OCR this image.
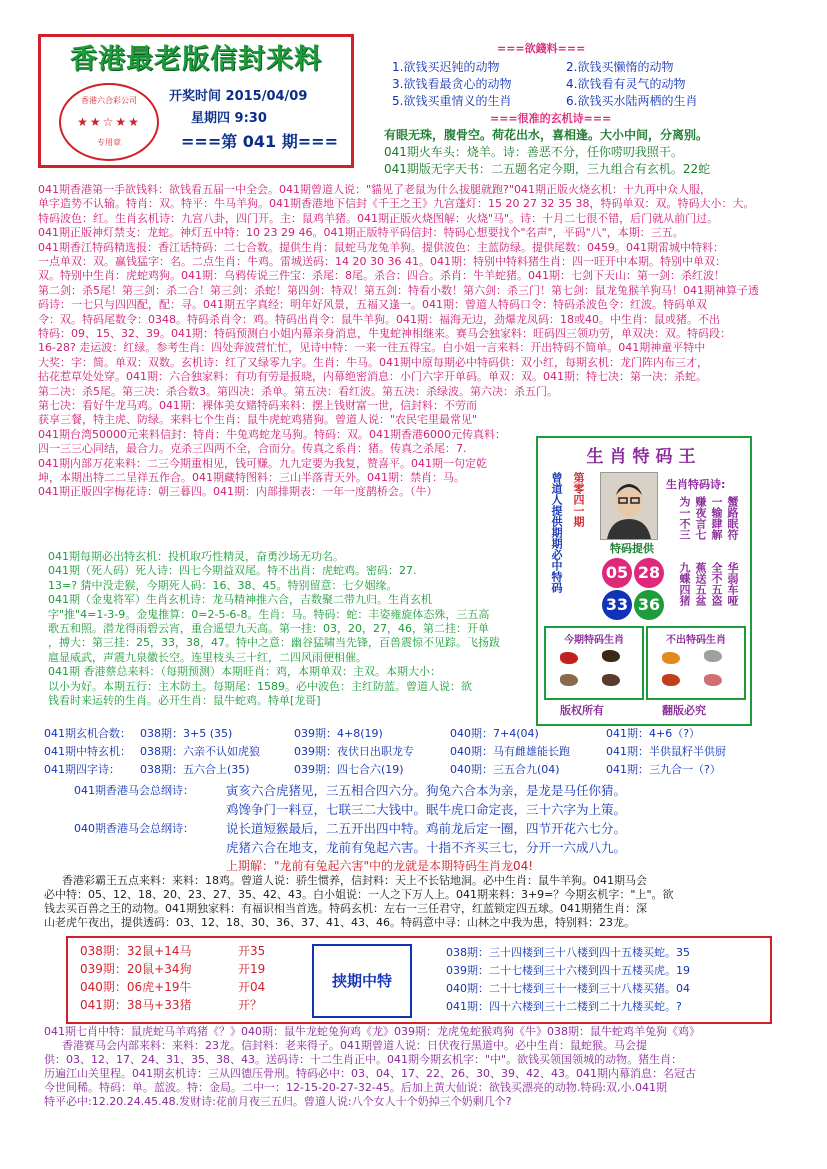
香港最老版信封来料
香港六合彩公司
★★☆★★
专用章
开奖时间 2015/04/09
星期四 9:30
===第 041 期===
===欲錢料===
1.欲钱买迟钝的动物	2.欲钱买懒惰的动物
3.欲钱看最贪心的动物	4.欲钱看有灵气的动物
5.欲钱买重情义的生肖	6.欲钱买水陆两栖的生肖
===很准的玄机诗===
有眼无珠，腹骨空。荷花出水，喜相逢。大小中间，分离别。
041期火车头：烧羊。诗：善恶不分，任你唠叨我照干。
041期版无字天书：二五题名定今期，三九组合有玄机。22蛇
041期香港第一手欲钱料：欲钱看五届一中全会。041期曾道人说："貓见了老鼠为什么拔腿就跑?"041期正版火烧玄机：十九再中众人服，
单字造势不认输。特肖：双。特平：牛马羊狗。041期香港地下信封《千王之王》九宫蓬灯：15 20 27 32 35 38，特码单双：双。特码大小：大。
特码波色：红。生肖玄机诗：九宫八卦，四门开。主：鼠鸡羊猪。041期正版火烧图解：火烧"马"。诗：十月二七很不错，后门就从前门过。
041期正版神灯禁支：龙蛇。神灯五中特：10 23 29 46。041期正版特平码信封：特码心想要找个"名声"，平码"八"，本期：三五。
041期香江特码精选报：香江话特码：二七合数。提供生肖：鼠蛇马龙兔羊狗。提供波色：主蓝防绿。提供尾数：0459。041期雷城中特料：
一点单双：双。赢钱猛字：名。二点生肖：牛鸡。雷城送码：14 20 30 36 41。041期：特别中特料猪生肖：四一旺开中本期。特别中单双：
双。特别中生肖：虎蛇鸡狗。041期：乌鸦传说三件宝：杀尾：8尾。杀合：四合。杀肖：牛羊蛇猪。041期：七剑下天山：第一剑：杀红波！
第二剑：杀5尾！第三剑：杀二合！第三剑：杀蛇！第四剑：特双！第五剑：特看小数！第六剑：杀三门！第七剑：鼠龙兔猴羊狗马！041期神算子透
码诗：一七只与四四配，配：寻。041期五字真经：明年好风景，五福又逢一。041期：曾道人特码口令：特码杀波色令：红波。特码单双
令：双。特码尾数令：0348。特码杀肖令：鸡。特码出肖令：鼠牛羊狗。041期：福海无边，劲爆龙凤码：18或40。中生肖：鼠或猪。不出
特码：09、15、32、39。041期：特码预测白小姐内幕亲身消息，牛鬼蛇神相继来。赛马会独家料：旺码四三领功劳，单双决：双。特码段：
16-28? 走运波：红绿。参考生肖：四处奔波营忙忙，见诗中特：一来一往五得宝。白小姐一言来料：开出特码不简单。041期神童平特中
大奖：字：简。单双：双数。玄机诗：红了又绿零九字。生肖：牛马。041期中原每期必中特码供：双小红，每期玄机：龙门阵内布三才，
拈花惹草处处穿。041期：六合独家料：有功有劳是报晓，内幕绝密消息：小门六字开单码。单双：双。041期：特七决：第一决：杀蛇。
第二决：杀5尾。第三决：杀合数3。第四决：杀单。第五决：看红波。第五决：杀绿波。第六决：杀五门。
第七决：看好牛龙马鸡。041期：裸体美女赌特码来料：摆上钱财富一世，信封料：不劳而
获享三餐，特主虎、防绿。来料七个生肖：鼠牛虎蛇鸡猪狗。曾道人说："农民宅里最常见"
041期台湾50000元来料信封：特肖：牛兔鸡蛇龙马狗。特码：双。041期香港6000元传真料：
四一三三心同结，最合力。克杀三四两不全，合而分。传真之系肖：猪。传真之杀尾：7.
041期内部万花来料：二三今期重相见，钱可赚。九九定要为我复，赞喜平。041期一句定乾
坤，本期出特二二呈祥五作合。041期藏特图料：三山半落青天外。041期：禁肖：马。
041期正版四字梅花诗：朝三暮四。041期：内部排期表：一年一度鹊桥会。（牛）
041期每期必出特玄机：投机取巧性精灵，奋勇沙场无功名。
041期（死人码）死人诗：四七今期益双尾。特不出肖：虎蛇鸡。密码：27.
13=? 猜中没走猴，今期死人码：16、38、45。特别留意：七夕姻缘。
041期（金鬼将军）生肖玄机诗：龙马精神推六合，吉数聚二带九归。生肖玄机
字"推"4=1-3-9。金鬼推算：0=2-5-6-8。生肖：马。特码：蛇：丰姿雍旋体态殊，三五高
歌五和照。潜龙得雨碧云宵，重合遥望九天高。第一挂：03，20，27，46，第二挂：开单
，搏大：第三挂：25，33，38，47。特中之意：幽谷猛啸当先锋，百兽震惊不见踪。飞扬跋
扈显威武，声震九泉徽长空。连里枝头三十红，二四风雨便相催。
041期 香港蔡总来料：（每期预测）本期旺肖：鸡，本期单双：主双。本期大小：
以小为好。本期五行：主木防土。每期尾：1589。必中波色：主红防蓝。曾道人说：欲
钱看时来运转的生肖。必开生肖：鼠牛蛇鸡。特单[龙哥]
生肖特码王
曾道人提供期期必中特码 第零四一期	生肖特码诗:
为一不三 赚夜言七 一输肆解 蟹路眠符
九蝶四猪 蕉送五盆 全不五盗 华弱车哑
特码提供
05 28
33 36
今期特码生肖	不出特码生肖
版权所有	翻版必究
041期玄机合数： 038期：3+5 (35)	039期：4+8(19)	040期：7+4(04)	041期：4+6（?）
041期中特玄机： 038期：六亲不认如虎狼	039期：夜伏日出职龙专	040期：马有雌雄能长跑	041期：半供鼠籽半供厨
041期四字诗： 038期：五六合上(35)	039期：四七合六(19)	040期：三五合九(04)	041期：三九合一（?）
041期香港马会总纲诗：	寅亥六合虎猪见，三五相合四六分。狗兔六合本为亲，是龙是马任你猜。
鸡馋争门一料豆，七联三二大钱中。眠牛虎口命定丧，三十六字为上策。
040期香港马会总纲诗：	说长道短猴最后，二五开出四中特。鸡前龙后定一圈，四节开花六七分。
虎猪六合在地支，龙前有兔起六害。十指不齐买三七，分开一六成八九。
上期解："龙前有兔起六害"中的龙就是本期特码生肖龙04!
香港彩霸王五点来料：来料：18鸡。曾道人说：骄生惯养，信封料：天上不长钻地洞。必中生肖：鼠牛羊狗。041期马会
必中特：05、12、18、20、23、27、35、42、43。白小姐说：一人之下万人上。041期来料：3+9=？今期玄机字："上"。欲
钱去买百兽之王的动物。041期独家料：有福识相当首选。特码玄机：左右一三任君守，红蓝锁定四五球。041期猪生肖：深
山老虎午夜出，提供透码：03、12、18、30、36、37、41、43、46。特码意中寻：山林之中我为患，特别料：23龙。
038期：32鼠+14马	开35
039期：20鼠+34狗	开19
040期：06虎+19牛	开04
041期：38马+33猪	开？
挟期中特
038期：三十四楼到三十八楼到四十五楼买蛇。35
039期：二十七楼到三十六楼到四十五楼买虎。19
040期：二十七楼到三十一楼到三十八楼买猪。04
041期：四十六楼到三十二楼到二十九楼买蛇。?
041期七肖中特：鼠虎蛇马羊鸡猪《？》040期：鼠牛龙蛇兔狗鸡《龙》039期：龙虎兔蛇猴鸡狗《牛》038期：鼠牛蛇鸡羊兔狗《鸡》
香港赛马会内部来料：来料：23龙。信封料：老来得子。041期曾道人说：日伏夜行黑道中。必中生肖：鼠蛇猴。马会提
供：03、12、17、24、31、35、38、43。送码诗：十二生肖正中。041期今期玄机字："中"。欲钱买领国领城的动物。猪生肖：
历遍江山关里程。041期玄机诗：三从四德压骨刑。特码必中：03、04、17、22、26、30、39、42、43。041期内幕消息：名冠古
今世间稀。特码：单。蓝波。特：金局。二中一：12-15-20-27-32-45。后加上黄大仙说：欲钱买漂亮的动物.特码:双,小.041期
特平必中:12.20.24.45.48.发财诗:花前月夜三五归。曾道人说:八个女人十个奶掉三个奶剩几个?
